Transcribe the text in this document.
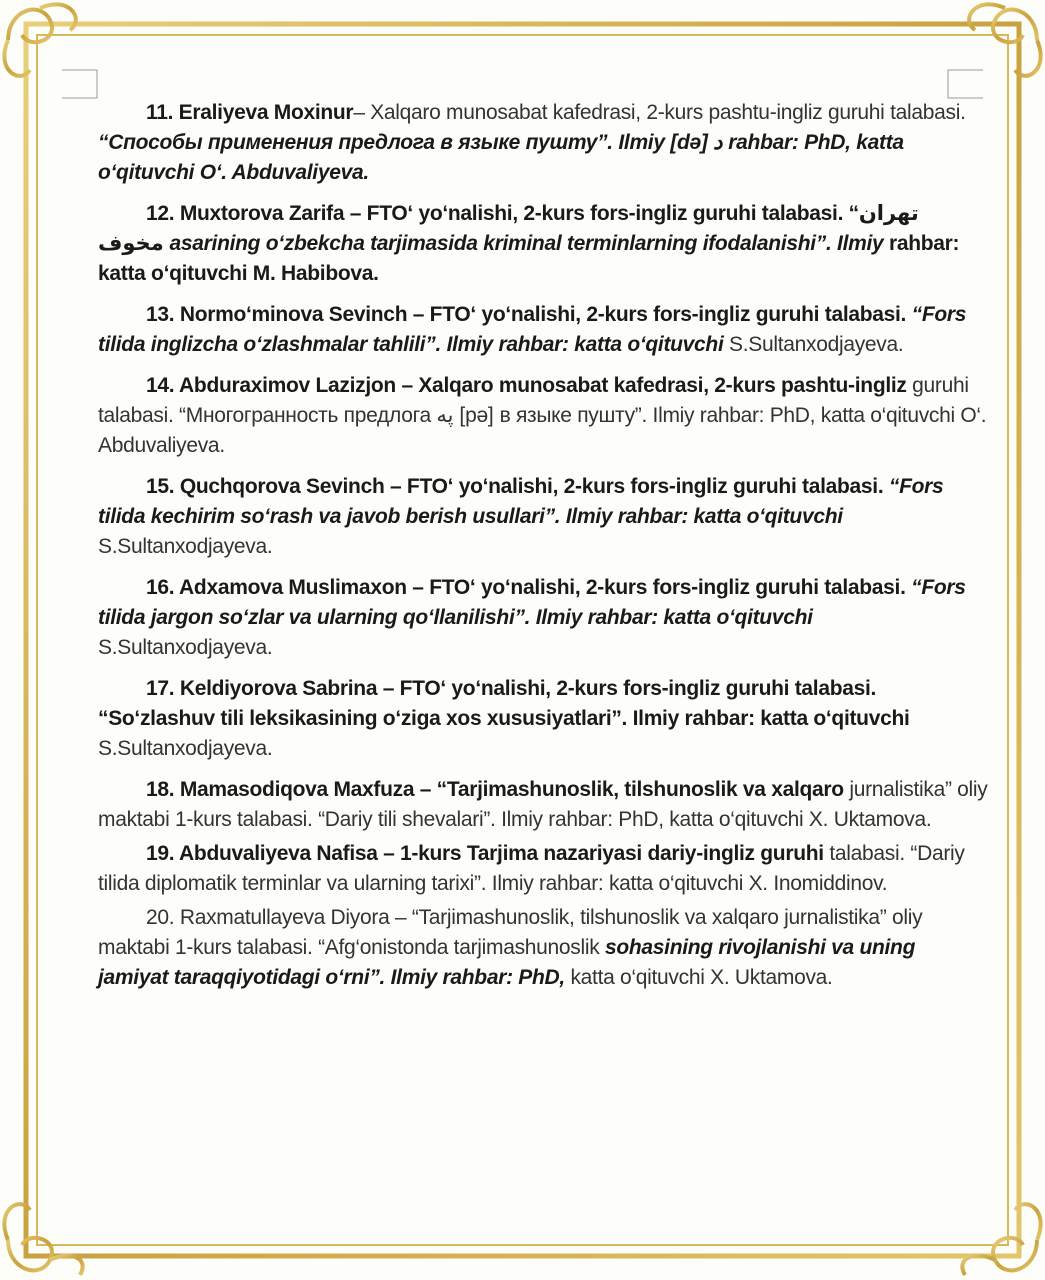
11. Eraliyeva Moxinur– Xalqaro munosabat kafedrasi, 2-kurs pashtu-ingliz guruhi talabasi. “Способы применения предлога в языке пушту”. Ilmiy [də] د rahbar: PhD, katta o‘qituvchi O‘. Abduvaliyeva.

12. Muxtorova Zarifa – FTO‘ yo‘nalishi, 2-kurs fors-ingliz guruhi talabasi. “تهران مخوف asarining o‘zbekcha tarjimasida kriminal terminlarning ifodalanishi”. Ilmiy rahbar: katta o‘qituvchi M. Habibova.

13. Normo‘minova Sevinch – FTO‘ yo‘nalishi, 2-kurs fors-ingliz guruhi talabasi. “Fors tilida inglizcha o‘zlashmalar tahlili”. Ilmiy rahbar: katta o‘qituvchi S.Sultanxodjayeva.

14. Abduraximov Lazizjon – Xalqaro munosabat kafedrasi, 2-kurs pashtu-ingliz guruhi talabasi. “Многогранность предлога په [pə] в языке пушту”. Ilmiy rahbar: PhD, katta o‘qituvchi O‘. Abduvaliyeva.

15. Quchqorova Sevinch – FTO‘ yo‘nalishi, 2-kurs fors-ingliz guruhi talabasi. “Fors tilida kechirim so‘rash va javob berish usullari”. Ilmiy rahbar: katta o‘qituvchi S.Sultanxodjayeva.

16. Adxamova Muslimaxon – FTO‘ yo‘nalishi, 2-kurs fors-ingliz guruhi talabasi. “Fors tilida jargon so‘zlar va ularning qo‘llanilishi”. Ilmiy rahbar: katta o‘qituvchi S.Sultanxodjayeva.

17. Keldiyorova Sabrina – FTO‘ yo‘nalishi, 2-kurs fors-ingliz guruhi talabasi. “So‘zlashuv tili leksikasining o‘ziga xos xususiyatlari”. Ilmiy rahbar: katta o‘qituvchi S.Sultanxodjayeva.

18. Mamasodiqova Maxfuza – “Tarjimashunoslik, tilshunoslik va xalqaro jurnalistika” oliy maktabi 1-kurs talabasi. “Dariy tili shevalari”. Ilmiy rahbar: PhD, katta o‘qituvchi X. Uktamova.

19. Abduvaliyeva Nafisa – 1-kurs Tarjima nazariyasi dariy-ingliz guruhi talabasi. “Dariy tilida diplomatik terminlar va ularning tarixi”. Ilmiy rahbar: katta o‘qituvchi X. Inomiddinov.

20. Raxmatullayeva Diyora – “Tarjimashunoslik, tilshunoslik va xalqaro jurnalistika” oliy maktabi 1-kurs talabasi. “Afg‘onistonda tarjimashunoslik sohasining rivojlanishi va uning jamiyat taraqqiyotidagi o‘rni”. Ilmiy rahbar: PhD, katta o‘qituvchi X. Uktamova.
